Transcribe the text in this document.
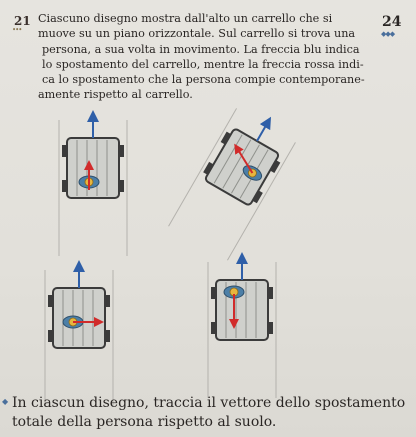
21
•••	24
◆◆◆

Ciascuno disegno mostra dall'alto un carrello che si
muove su un piano orizzontale. Sul carrello si trova una
persona, a sua volta in movimento. La freccia blu indica
lo spostamento del carrello, mentre la freccia rossa indi-
ca lo spostamento che la persona compie contemporane-
amente rispetto al carrello.

◆ In ciascun disegno, traccia il vettore dello spostamento
totale della persona rispetto al suolo.
